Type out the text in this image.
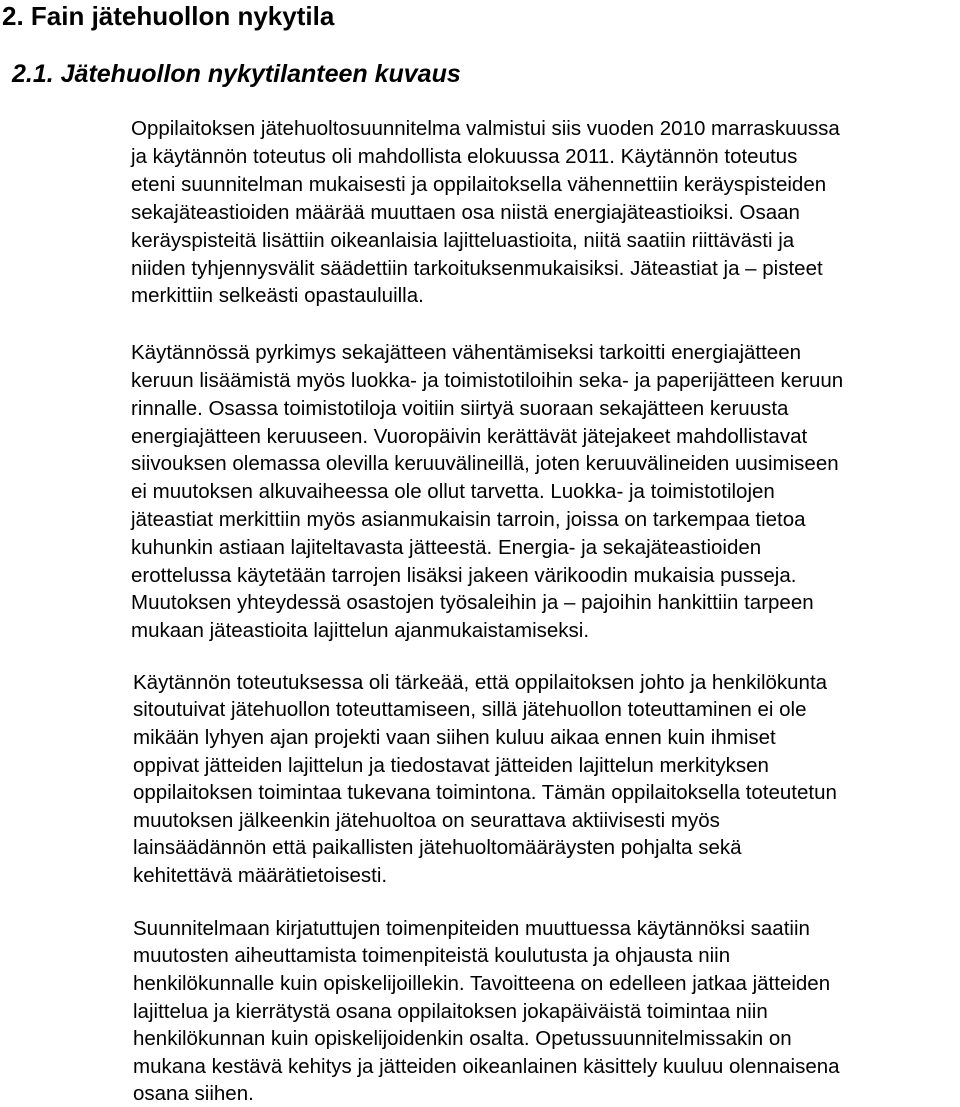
2. Fain jätehuollon nykytila
2.1. Jätehuollon nykytilanteen kuvaus

Oppilaitoksen jätehuoltosuunnitelma valmistui siis vuoden 2010 marraskuussa

ja käytännön toteutus oli mahdollista elokuussa 2011. Käytännön toteutus

eteni suunnitelman mukaisesti ja oppilaitoksella vähennettiin keräyspisteiden

sekajäteastioiden määrää muuttaen osa niistä energiajäteastioiksi. Osaan

keräyspisteitä lisättiin oikeanlaisia lajitteluastioita, niitä saatiin riittävästi ja

niiden tyhjennysvälit säädettiin tarkoituksenmukaisiksi. Jäteastiat ja – pisteet

merkittiin selkeästi opastauluilla.

Käytännössä pyrkimys sekajätteen vähentämiseksi tarkoitti energiajätteen

keruun lisäämistä myös luokka- ja toimistotiloihin seka- ja paperijätteen keruun

rinnalle. Osassa toimistotiloja voitiin siirtyä suoraan sekajätteen keruusta

energiajätteen keruuseen. Vuoropäivin kerättävät jätejakeet mahdollistavat

siivouksen olemassa olevilla keruuvälineillä, joten keruuvälineiden uusimiseen

ei muutoksen alkuvaiheessa ole ollut tarvetta. Luokka- ja toimistotilojen

jäteastiat merkittiin myös asianmukaisin tarroin, joissa on tarkempaa tietoa

kuhunkin astiaan lajiteltavasta jätteestä. Energia- ja sekajäteastioiden

erottelussa käytetään tarrojen lisäksi jakeen värikoodin mukaisia pusseja.

Muutoksen yhteydessä osastojen työsaleihin ja – pajoihin hankittiin tarpeen

mukaan jäteastioita lajittelun ajanmukaistamiseksi.

Käytännön toteutuksessa oli tärkeää, että oppilaitoksen johto ja henkilökunta

sitoutuivat jätehuollon toteuttamiseen, sillä jätehuollon toteuttaminen ei ole

mikään lyhyen ajan projekti vaan siihen kuluu aikaa ennen kuin ihmiset

oppivat jätteiden lajittelun ja tiedostavat jätteiden lajittelun merkityksen

oppilaitoksen toimintaa tukevana toimintona. Tämän oppilaitoksella toteutetun

muutoksen jälkeenkin jätehuoltoa on seurattava aktiivisesti myös

lainsäädännön että paikallisten jätehuoltomääräysten pohjalta sekä

kehitettävä määrätietoisesti.

Suunnitelmaan kirjatuttujen toimenpiteiden muuttuessa käytännöksi saatiin

muutosten aiheuttamista toimenpiteistä koulutusta ja ohjausta niin

henkilökunnalle kuin opiskelijoillekin. Tavoitteena on edelleen jatkaa jätteiden

lajittelua ja kierrätystä osana oppilaitoksen jokapäiväistä toimintaa niin

henkilökunnan kuin opiskelijoidenkin osalta. Opetussuunnitelmissakin on

mukana kestävä kehitys ja jätteiden oikeanlainen käsittely kuuluu olennaisena

osana siihen.
